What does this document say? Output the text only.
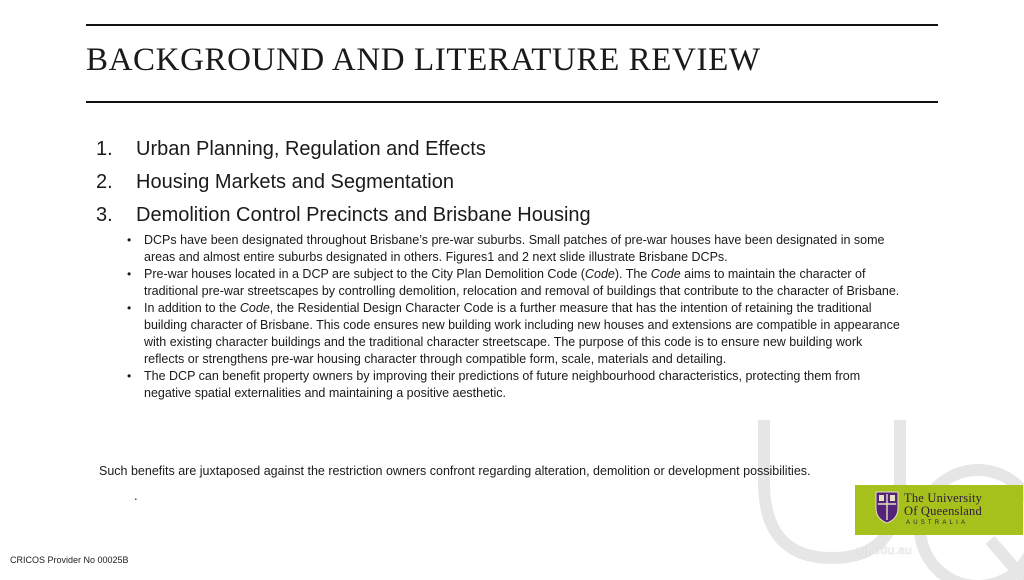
BACKGROUND AND LITERATURE REVIEW
1. Urban Planning, Regulation and Effects
2. Housing Markets and Segmentation
3. Demolition Control Precincts and Brisbane Housing
• DCPs have been designated throughout Brisbane’s pre-war suburbs. Small patches of pre-war houses have been designated in some areas and almost entire suburbs designated in others. Figures1 and 2 next slide illustrate Brisbane DCPs.
• Pre-war houses located in a DCP are subject to the City Plan Demolition Code (Code). The Code aims to maintain the character of traditional pre-war streetscapes by controlling demolition, relocation and removal of buildings that contribute to the character of Brisbane.
• In addition to the Code, the Residential Design Character Code is a further measure that has the intention of retaining the traditional building character of Brisbane. This code ensures new building work including new houses and extensions are compatible in appearance with existing character buildings and the traditional character streetscape. The purpose of this code is to ensure new building work reflects or strengthens pre-war housing character through compatible form, scale, materials and detailing.
• The DCP can benefit property owners by improving their predictions of future neighbourhood characteristics, protecting them from negative spatial externalities and maintaining a positive aesthetic.
Such benefits are juxtaposed against the restriction owners confront regarding alteration, demolition or development possibilities.
.	The University
Of Queensland
AUSTRALIA
uq.edu.au
CRICOS Provider No 00025B
